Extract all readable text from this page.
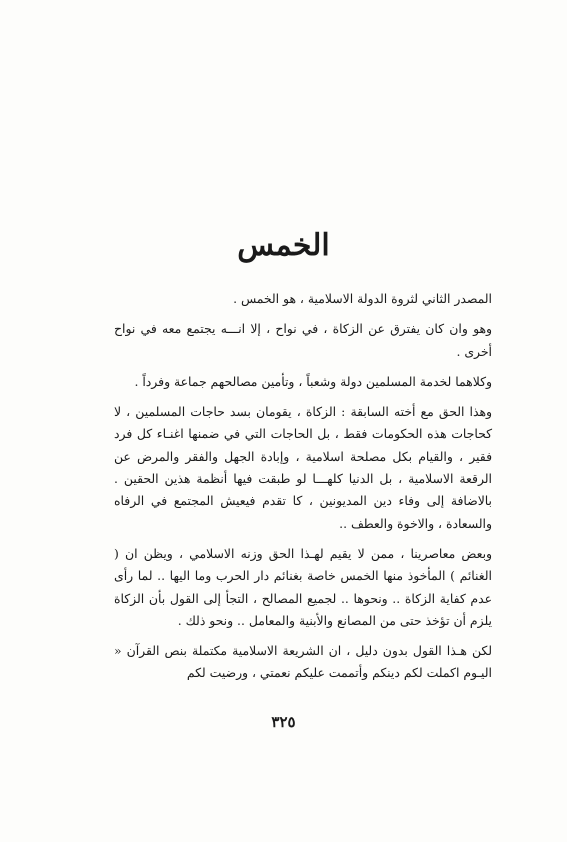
الخمس

المصدر الثاني لثروة الدولة الاسلامية ، هو الخمس .

وهو وان كان يفترق عن الزكاة ، في نواح ، إلا انـــه يجتمع معه في نواح أخرى .

وكلاهما لخدمة المسلمين دولة وشعباً ، وتأمين مصالحهم جماعة وفرداً .

وهذا الحق مع أخته السابقة : الزكاة ، يقومان بسد حاجات المسلمين ، لا كحاجات هذه الحكومات فقط ، بل الحاجات التي في ضمنها اغنـاء كل فرد فقير ، والقيام بكل مصلحة اسلامية ، وإبادة الجهل والفقر والمرض عن الرقعة الاسلامية ، بل الدنيا كلهـــا لو طبقت فيها أنظمة هذين الحقين . بالاضافة إلى وفاء دين المديونين ، كا تقدم فيعيش المجتمع في الرفاه والسعادة ، والاخوة والعطف ..

وبعض معاصرينا ، ممن لا يقيم لهـذا الحق وزنه الاسلامي ، ويظن ان ( الغنائم ) المأخوذ منها الخمس خاصة بغنائم دار الحرب وما اليها .. لما رأى عدم كفاية الزكاة .. ونحوها .. لجميع المصالح ، التجأ إلى القول بأن الزكاة يلزم أن تؤخذ حتى من المصانع والأبنية والمعامل .. ونحو ذلك .

لكن هـذا القول بدون دليل ، ان الشريعة الاسلامية مكتملة بنص القرآن « اليـوم اكملت لكم دينكم وأتممت عليكم نعمتي ، ورضيت لكم

٣٢٥
